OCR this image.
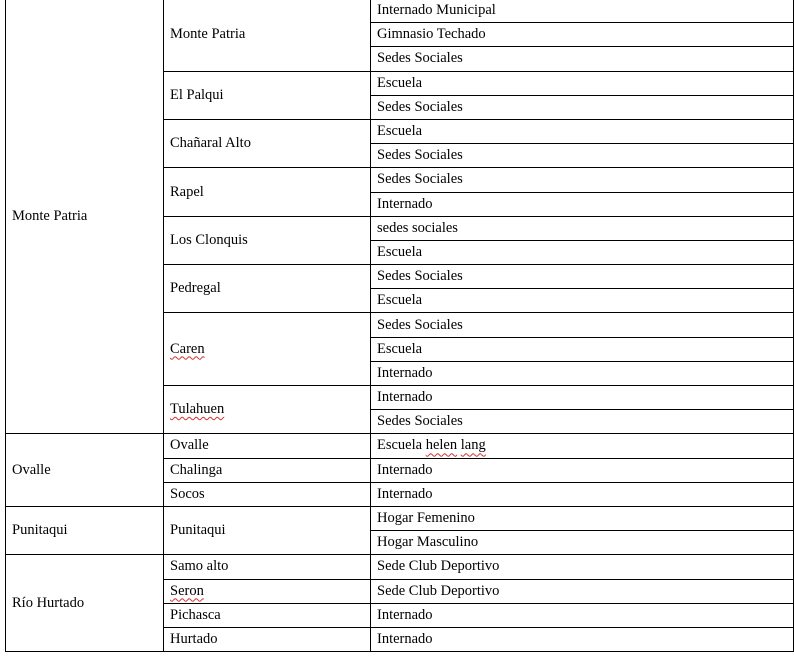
Monte Patria	Monte Patria	Internado Municipal
		Gimnasio Techado
		Sedes Sociales
	El Palqui	Escuela
		Sedes Sociales
	Chañaral Alto	Escuela
		Sedes Sociales
	Rapel	Sedes Sociales
		Internado
	Los Clonquis	sedes sociales
		Escuela
	Pedregal	Sedes Sociales
		Escuela
	Caren	Sedes Sociales
		Escuela
		Internado
	Tulahuen	Internado
		Sedes Sociales
Ovalle	Ovalle	Escuela helen lang
	Chalinga	Internado
	Socos	Internado
Punitaqui	Punitaqui	Hogar Femenino
		Hogar Masculino
Río Hurtado	Samo alto	Sede Club Deportivo
	Seron	Sede Club Deportivo
	Pichasca	Internado
	Hurtado	Internado
